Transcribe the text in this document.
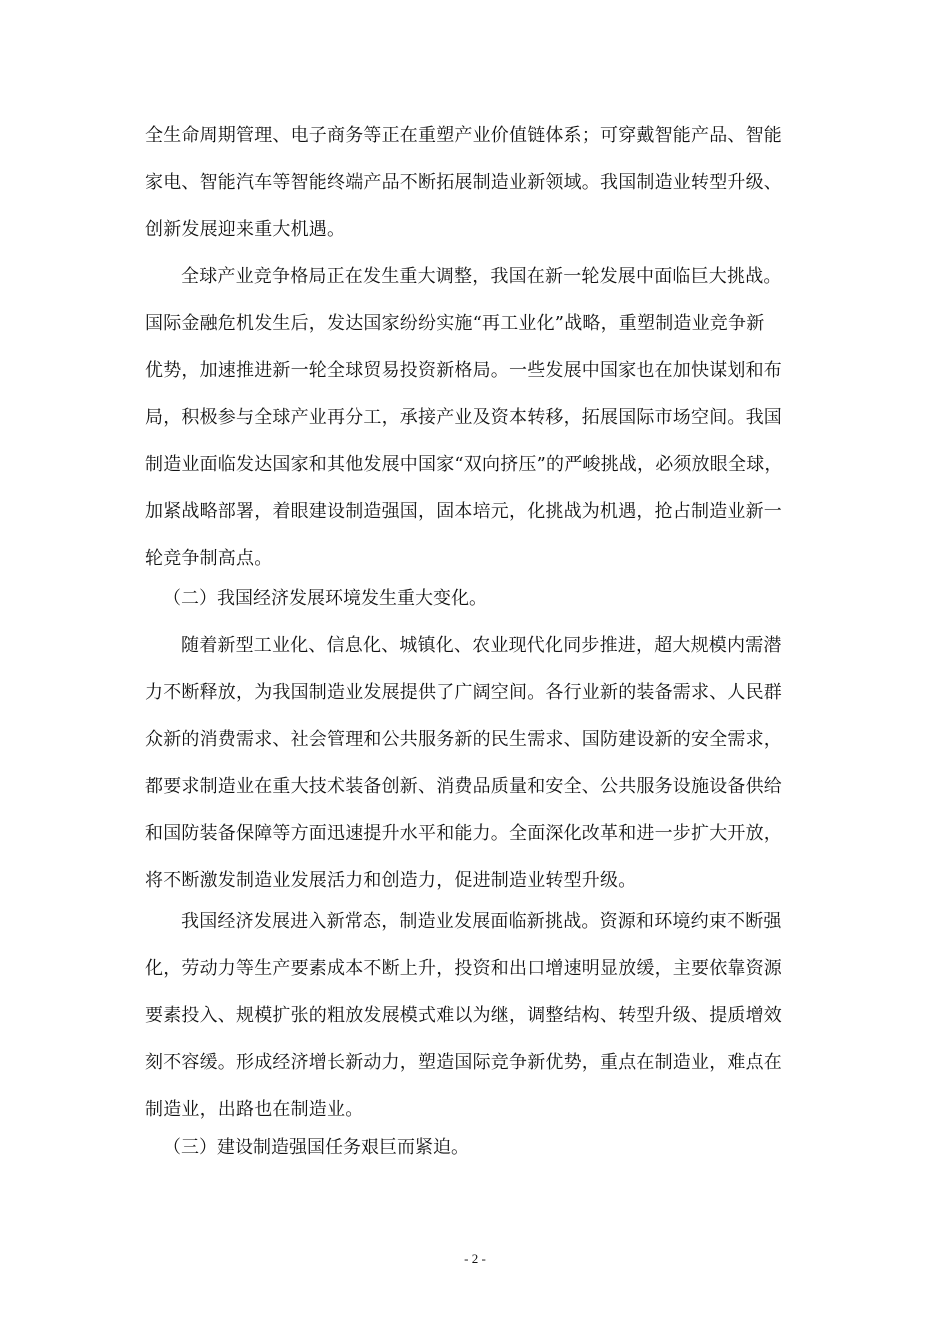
全生命周期管理、电子商务等正在重塑产业价值链体系；可穿戴智能产品、智能
家电、智能汽车等智能终端产品不断拓展制造业新领域。我国制造业转型升级、
创新发展迎来重大机遇。
全球产业竞争格局正在发生重大调整，我国在新一轮发展中面临巨大挑战。
国际金融危机发生后，发达国家纷纷实施“再工业化”战略，重塑制造业竞争新
优势，加速推进新一轮全球贸易投资新格局。一些发展中国家也在加快谋划和布
局，积极参与全球产业再分工，承接产业及资本转移，拓展国际市场空间。我国
制造业面临发达国家和其他发展中国家“双向挤压”的严峻挑战，必须放眼全球，
加紧战略部署，着眼建设制造强国，固本培元，化挑战为机遇，抢占制造业新一
轮竞争制高点。
（二）我国经济发展环境发生重大变化。
随着新型工业化、信息化、城镇化、农业现代化同步推进，超大规模内需潜
力不断释放，为我国制造业发展提供了广阔空间。各行业新的装备需求、人民群
众新的消费需求、社会管理和公共服务新的民生需求、国防建设新的安全需求，
都要求制造业在重大技术装备创新、消费品质量和安全、公共服务设施设备供给
和国防装备保障等方面迅速提升水平和能力。全面深化改革和进一步扩大开放，
将不断激发制造业发展活力和创造力，促进制造业转型升级。
我国经济发展进入新常态，制造业发展面临新挑战。资源和环境约束不断强
化，劳动力等生产要素成本不断上升，投资和出口增速明显放缓，主要依靠资源
要素投入、规模扩张的粗放发展模式难以为继，调整结构、转型升级、提质增效
刻不容缓。形成经济增长新动力，塑造国际竞争新优势，重点在制造业，难点在
制造业，出路也在制造业。
（三）建设制造强国任务艰巨而紧迫。
- 2 -
